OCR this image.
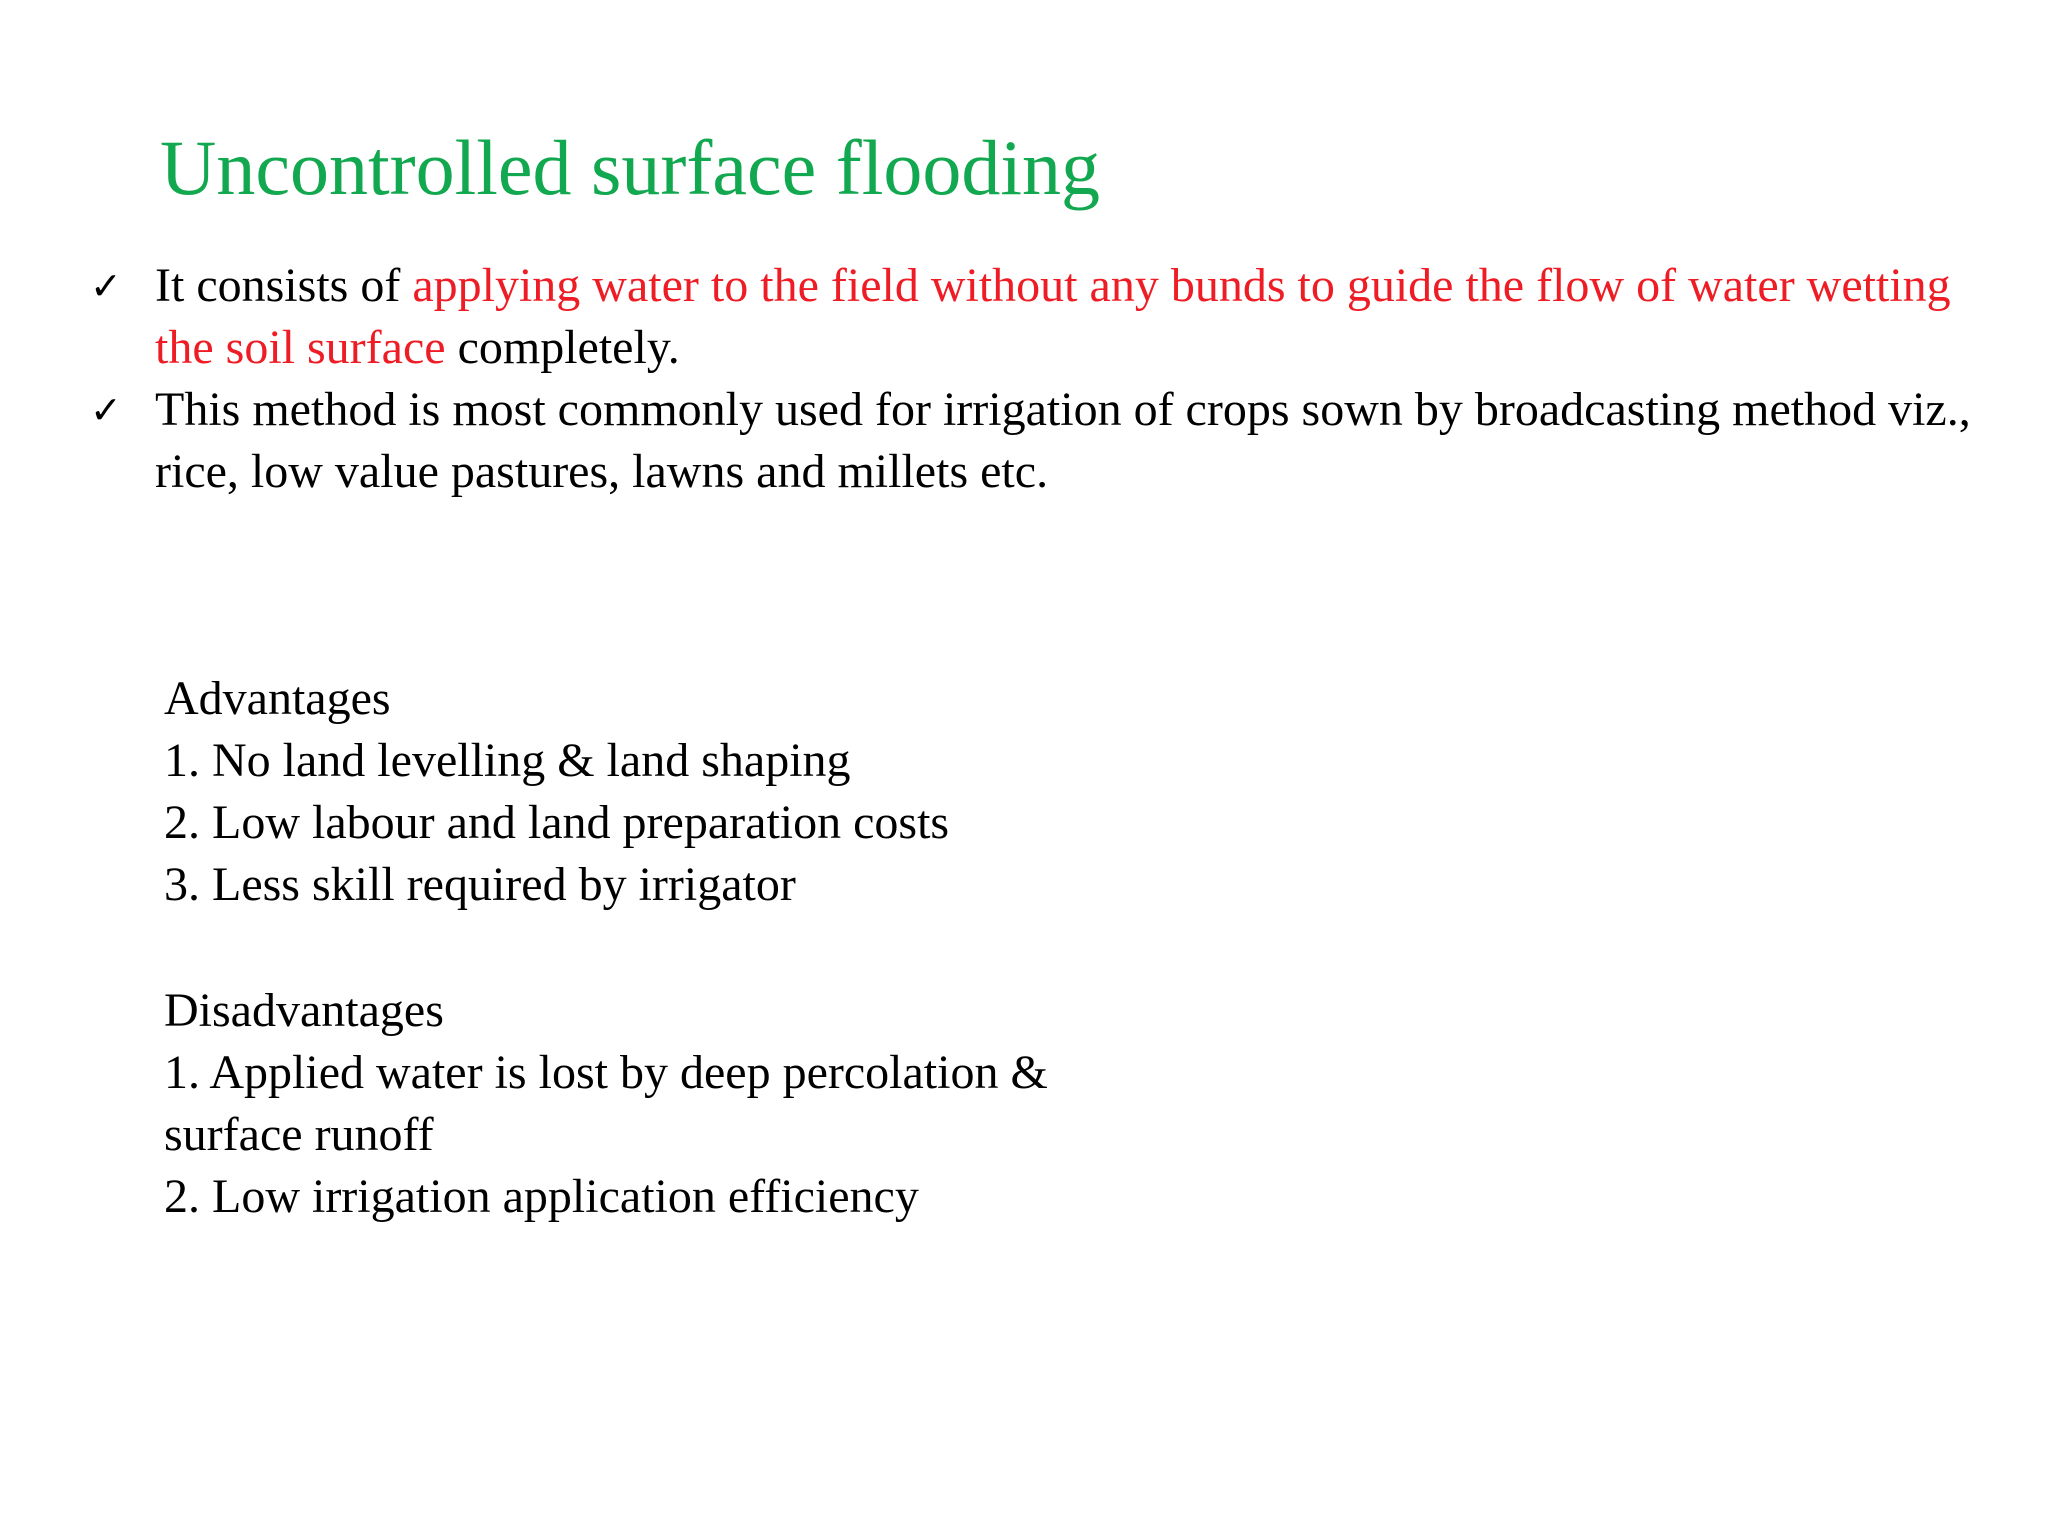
Uncontrolled surface flooding
✓ It consists of applying water to the field without any bunds to guide the flow of water wetting the soil surface completely.
✓ This method is most commonly used for irrigation of crops sown by broadcasting method viz., rice, low value pastures, lawns and millets etc.
Advantages
1. No land levelling & land shaping
2. Low labour and land preparation costs
3. Less skill required by irrigator
Disadvantages
1. Applied water is lost by deep percolation &
surface runoff
2. Low irrigation application efficiency
